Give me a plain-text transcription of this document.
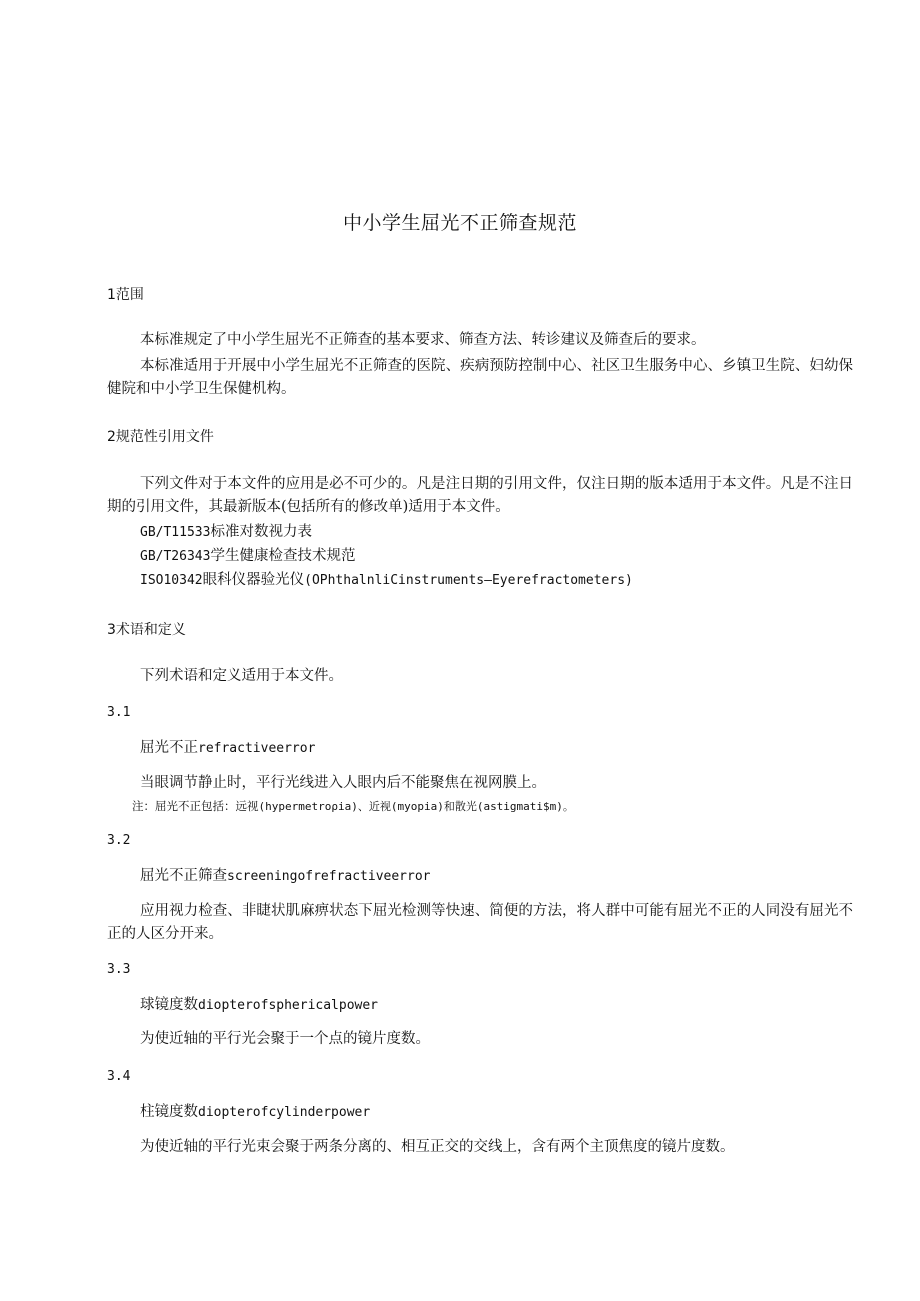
中小学生屈光不正筛查规范
1范围
本标准规定了中小学生屈光不正筛查的基本要求、筛查方法、转诊建议及筛查后的要求。
本标准适用于开展中小学生屈光不正筛查的医院、疾病预防控制中心、社区卫生服务中心、乡镇卫生院、妇幼保健院和中小学卫生保健机构。
2规范性引用文件
下列文件对于本文件的应用是必不可少的。凡是注日期的引用文件，仅注日期的版本适用于本文件。凡是不注日期的引用文件，其最新版本(包括所有的修改单)适用于本文件。
GB/T11533标准对数视力表
GB/T26343学生健康检查技术规范
ISO10342眼科仪器验光仪(OPhthalnliCinstruments—Eyerefractometers)
3术语和定义
下列术语和定义适用于本文件。
3.1
屈光不正refractiveerror
当眼调节静止时，平行光线进入人眼内后不能聚焦在视网膜上。
注：屈光不正包括：远视(hypermetroρia)、近视(myopia)和散光(astigmati$m)。
3.2
屈光不正筛查screeningofrefractiveerror
应用视力检查、非睫状肌麻痹状态下屈光检测等快速、简便的方法，将人群中可能有屈光不正的人同没有屈光不正的人区分开来。
3.3
球镜度数diopterofsphericalpower
为使近轴的平行光会聚于一个点的镜片度数。
3.4
柱镜度数diopterofcylinderpower
为使近轴的平行光束会聚于两条分离的、相互正交的交线上，含有两个主顶焦度的镜片度数。
